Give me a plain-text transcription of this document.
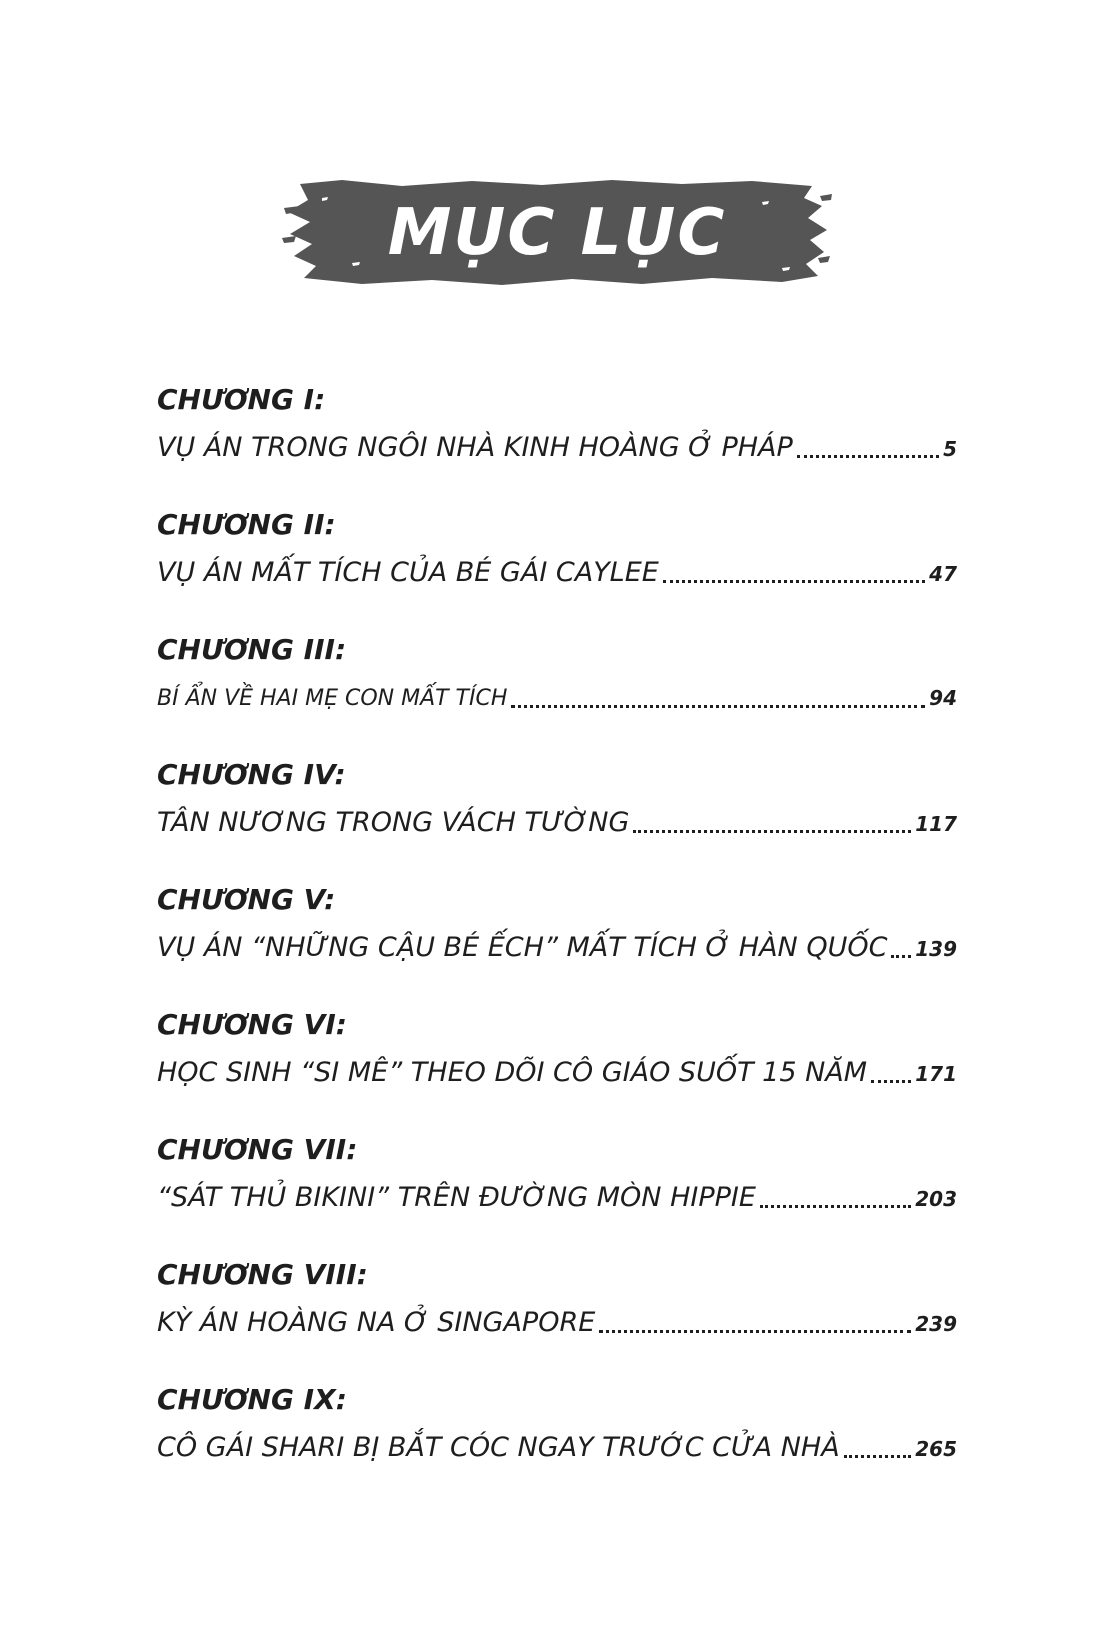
MỤC LỤC
CHƯƠNG I:
VỤ ÁN TRONG NGÔI NHÀ KINH HOÀNG Ở PHÁP	5
CHƯƠNG II:
VỤ ÁN MẤT TÍCH CỦA BÉ GÁI CAYLEE	47
CHƯƠNG III:
BÍ ẨN VỀ HAI MẸ CON MẤT TÍCH	94
CHƯƠNG IV:
TÂN NƯƠNG TRONG VÁCH TƯỜNG	117
CHƯƠNG V:
VỤ ÁN “NHỮNG CẬU BÉ ẾCH” MẤT TÍCH Ở HÀN QUỐC 139
CHƯƠNG VI:
HỌC SINH “SI MÊ” THEO DÕI CÔ GIÁO SUỐT 15 NĂM 171
CHƯƠNG VII:
“SÁT THỦ BIKINI” TRÊN ĐƯỜNG MÒN HIPPIE	203
CHƯƠNG VIII:
KỲ ÁN HOÀNG NA Ở SINGAPORE	239
CHƯƠNG IX:
CÔ GÁI SHARI BỊ BẮT CÓC NGAY TRƯỚC CỬA NHÀ	265
